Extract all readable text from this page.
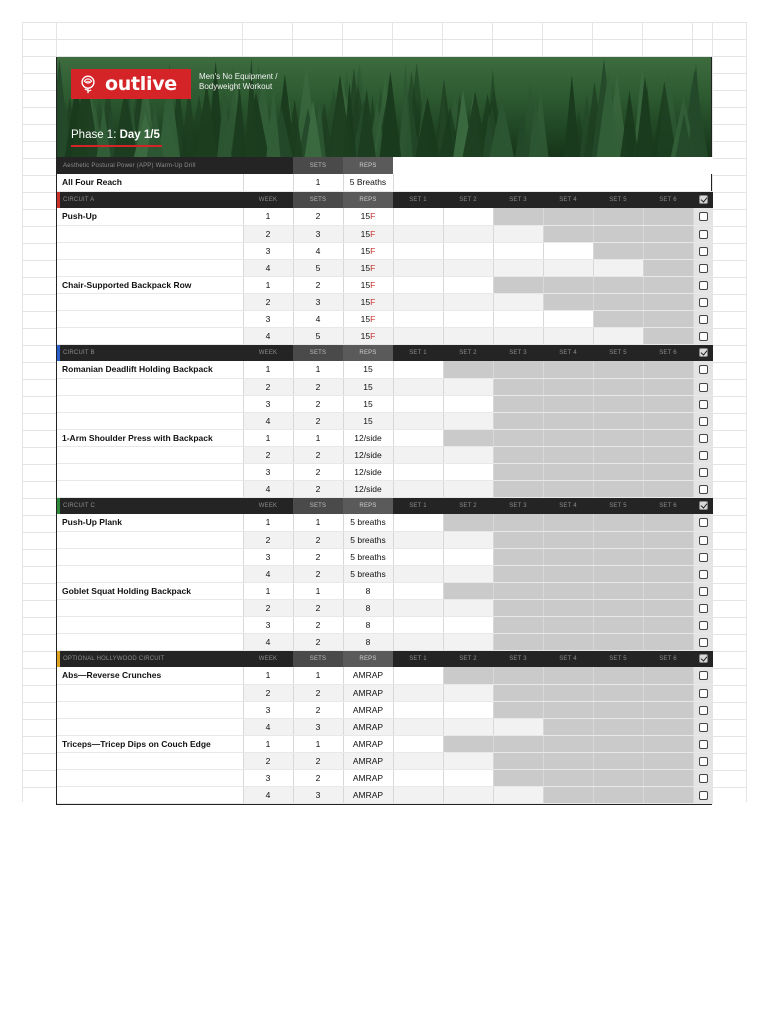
outlive	Men's No Equipment / Bodyweight Workout
Phase 1: Day 1/5
Aesthetic Postural Power (APP) Warm-Up Drill		SETS	REPS							
All Four Reach		1	5 Breaths							

CIRCUIT A	WEEK	SETS	REPS	SET 1	SET 2	SET 3	SET 4	SET 5	SET 6	
Push-Up	1	2	15F							
	2	3	15F							
	3	4	15F							
	4	5	15F							
Chair-Supported Backpack Row	1	2	15F							
	2	3	15F							
	3	4	15F							
	4	5	15F							

CIRCUIT B	WEEK	SETS	REPS	SET 1	SET 2	SET 3	SET 4	SET 5	SET 6	
Romanian Deadlift Holding Backpack	1	1	15							
	2	2	15							
	3	2	15							
	4	2	15							
1-Arm Shoulder Press with Backpack	1	1	12/side							
	2	2	12/side							
	3	2	12/side							
	4	2	12/side							

CIRCUIT C	WEEK	SETS	REPS	SET 1	SET 2	SET 3	SET 4	SET 5	SET 6	
Push-Up Plank	1	1	5 breaths							
	2	2	5 breaths							
	3	2	5 breaths							
	4	2	5 breaths							
Goblet Squat Holding Backpack	1	1	8							
	2	2	8							
	3	2	8							
	4	2	8							

OPTIONAL HOLLYWOOD CIRCUIT	WEEK	SETS	REPS	SET 1	SET 2	SET 3	SET 4	SET 5	SET 6	
Abs—Reverse Crunches	1	1	AMRAP							
	2	2	AMRAP							
	3	2	AMRAP							
	4	3	AMRAP							
Triceps—Tricep Dips on Couch Edge	1	1	AMRAP							
	2	2	AMRAP							
	3	2	AMRAP							
	4	3	AMRAP							
